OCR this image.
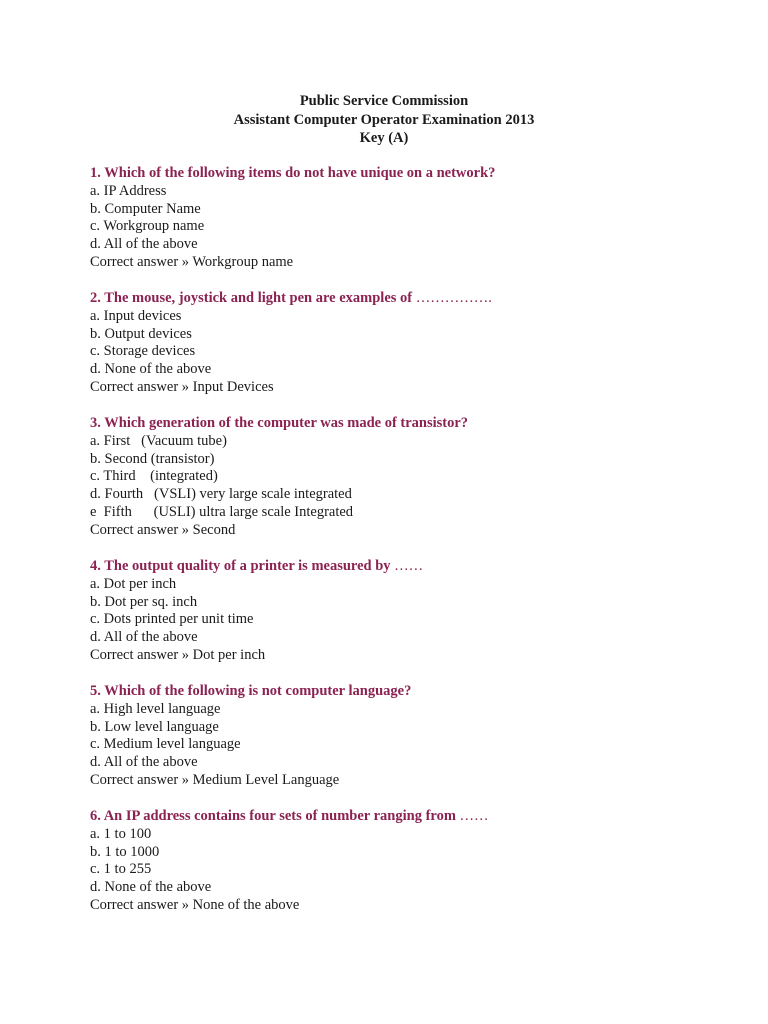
Public Service Commission
Assistant Computer Operator Examination 2013
Key (A)
1. Which of the following items do not have unique on a network?
a. IP Address
b. Computer Name
c. Workgroup name
d. All of the above
Correct answer » Workgroup name
2. The mouse, joystick and light pen are examples of …………….
a. Input devices
b. Output devices
c. Storage devices
d. None of the above
Correct answer » Input Devices
3. Which generation of the computer was made of transistor?
a. First   (Vacuum tube)
b. Second (transistor)
c. Third    (integrated)
d. Fourth   (VSLI) very large scale integrated
e  Fifth      (USLI) ultra large scale Integrated
Correct answer » Second
4. The output quality of a printer is measured by ……
a. Dot per inch
b. Dot per sq. inch
c. Dots printed per unit time
d. All of the above
Correct answer » Dot per inch
5. Which of the following is not computer language?
a. High level language
b. Low level language
c. Medium level language
d. All of the above
Correct answer » Medium Level Language
6. An IP address contains four sets of number ranging from ……
a. 1 to 100
b. 1 to 1000
c. 1 to 255
d. None of the above
Correct answer » None of the above
